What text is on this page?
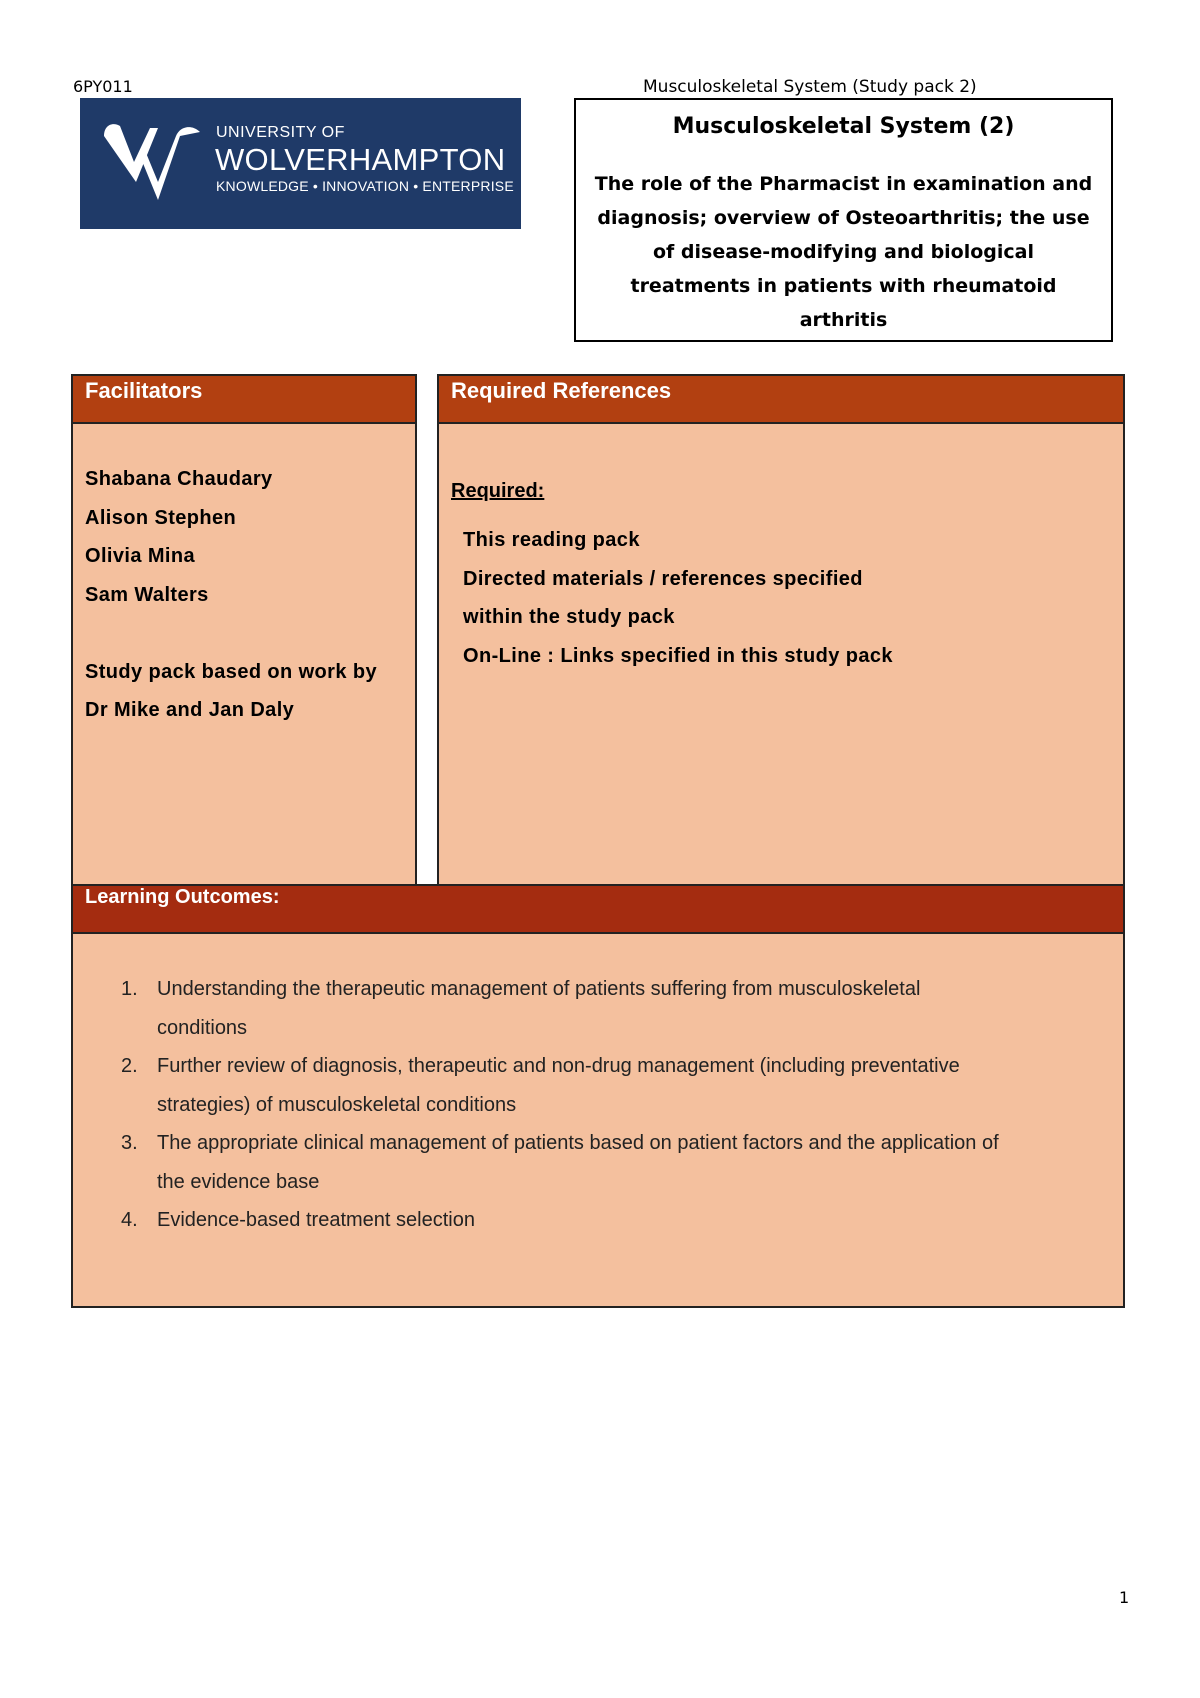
6PY011	Musculoskeletal System (Study pack 2)
UNIVERSITY OF
WOLVERHAMPTON
KNOWLEDGE • INNOVATION • ENTERPRISE
Musculoskeletal System (2)

The role of the Pharmacist in examination and diagnosis; overview of Osteoarthritis; the use of disease-modifying and biological treatments in patients with rheumatoid arthritis

Facilitators
Shabana Chaudary
Alison Stephen
Olivia Mina
Sam Walters
Study pack based on work by
Dr Mike and Jan Daly
Required References
Required:
This reading pack
Directed materials / references specified
within the study pack
On-Line : Links specified in this study pack
Learning Outcomes:
1. Understanding the therapeutic management of patients suffering from musculoskeletal
conditions
2. Further review of diagnosis, therapeutic and non-drug management (including preventative
strategies) of musculoskeletal conditions
3. The appropriate clinical management of patients based on patient factors and the application of
the evidence base
4. Evidence-based treatment selection
1
